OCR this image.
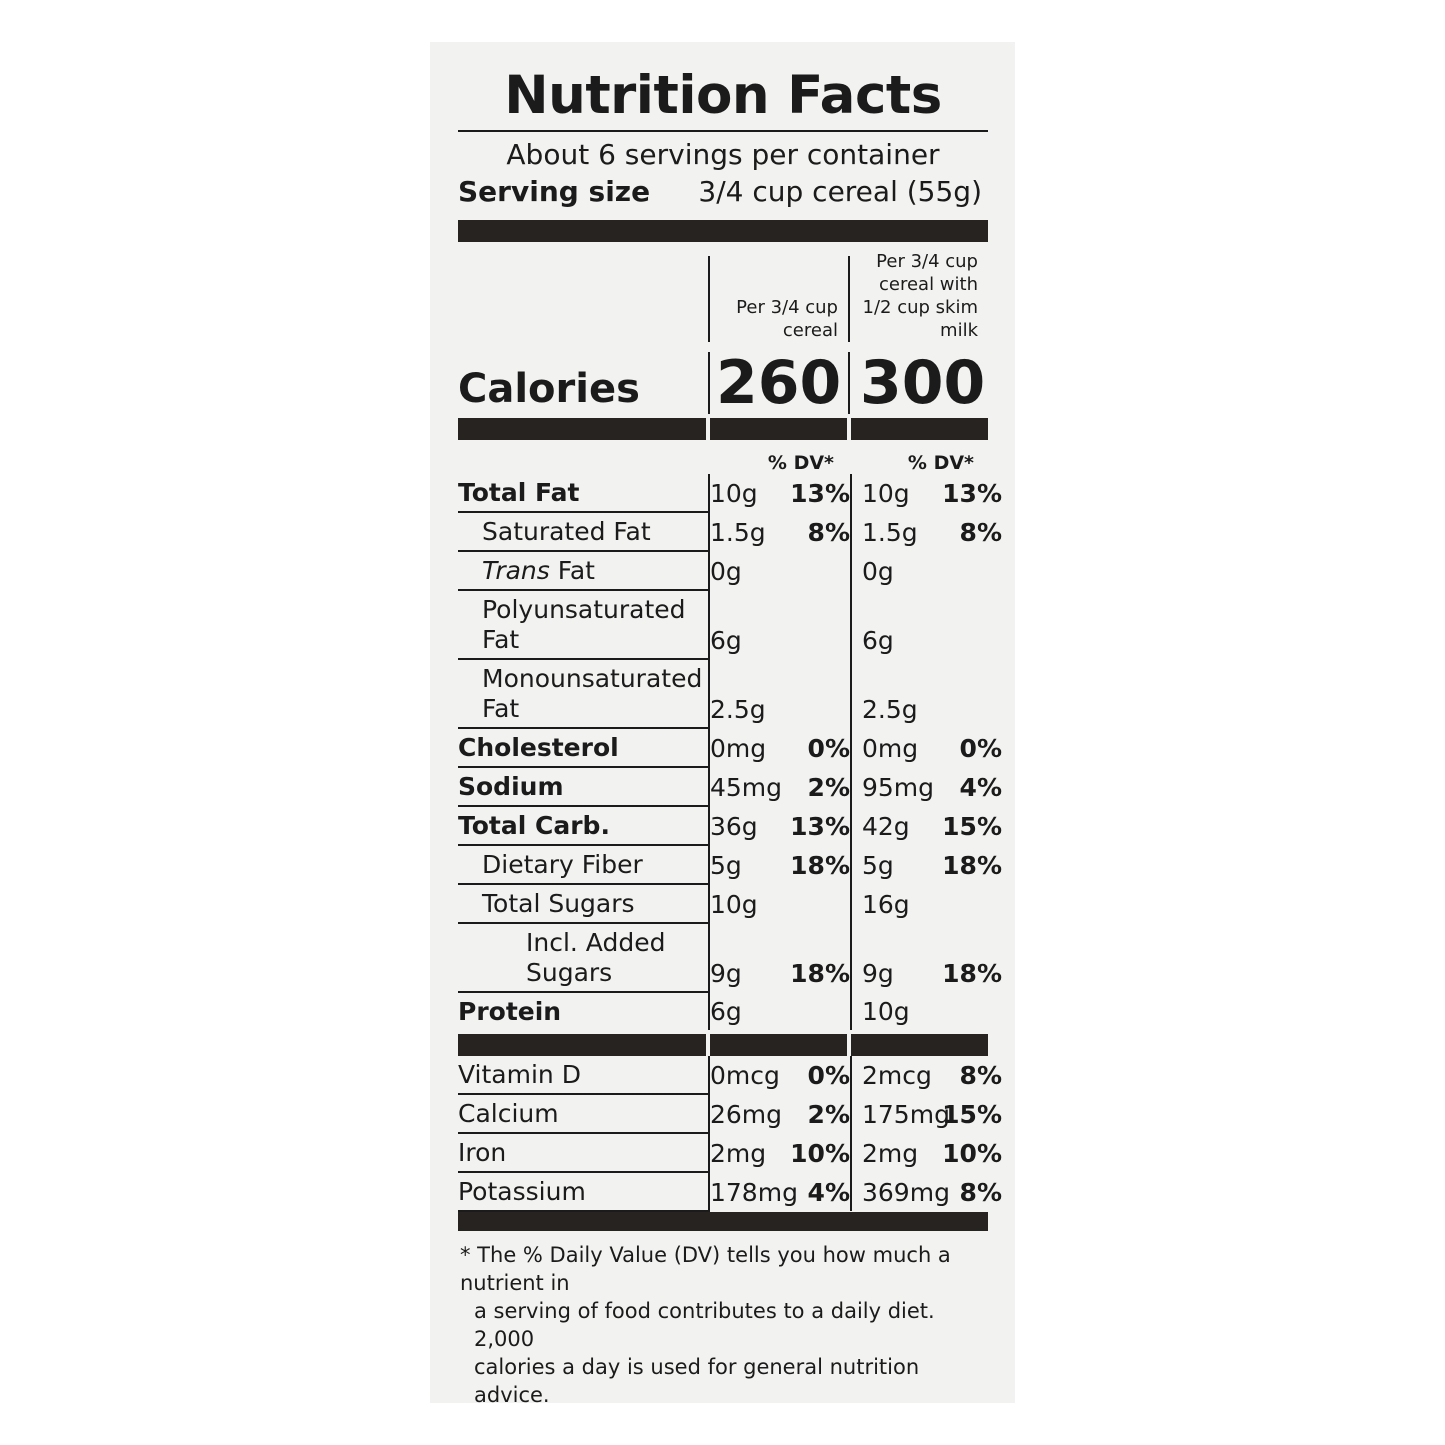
Nutrition Facts
About 6 servings per container
Serving size 3/4 cup cereal (55g)
Per 3/4 cup cereal
Per 3/4 cup cereal with 1/2 cup skim milk
Calories	260 300
% DV*	% DV*
Total Fat	10g	13%	10g	13%
Saturated Fat	1.5g	8%	1.5g	8%
Trans Fat	0g		0g	
Polyunsaturated Fat	6g		6g	
Monounsaturated Fat	2.5g		2.5g	
Cholesterol	0mg	0%	0mg	0%
Sodium	45mg	2%	95mg	4%
Total Carb.	36g	13%	42g	15%
Dietary Fiber	5g	18%	5g	18%
Total Sugars	10g		16g	
Incl. Added Sugars	9g	18%	9g	18%
Protein	6g		10g	
Vitamin D	0mcg	0%	2mcg	8%
Calcium	26mg	2%	175mg	15%
Iron	2mg	10%	2mg	10%
Potassium	178mg	4%	369mg	8%
* The % Daily Value (DV) tells you how much a nutrient in
a serving of food contributes to a daily diet. 2,000
calories a day is used for general nutrition advice.
